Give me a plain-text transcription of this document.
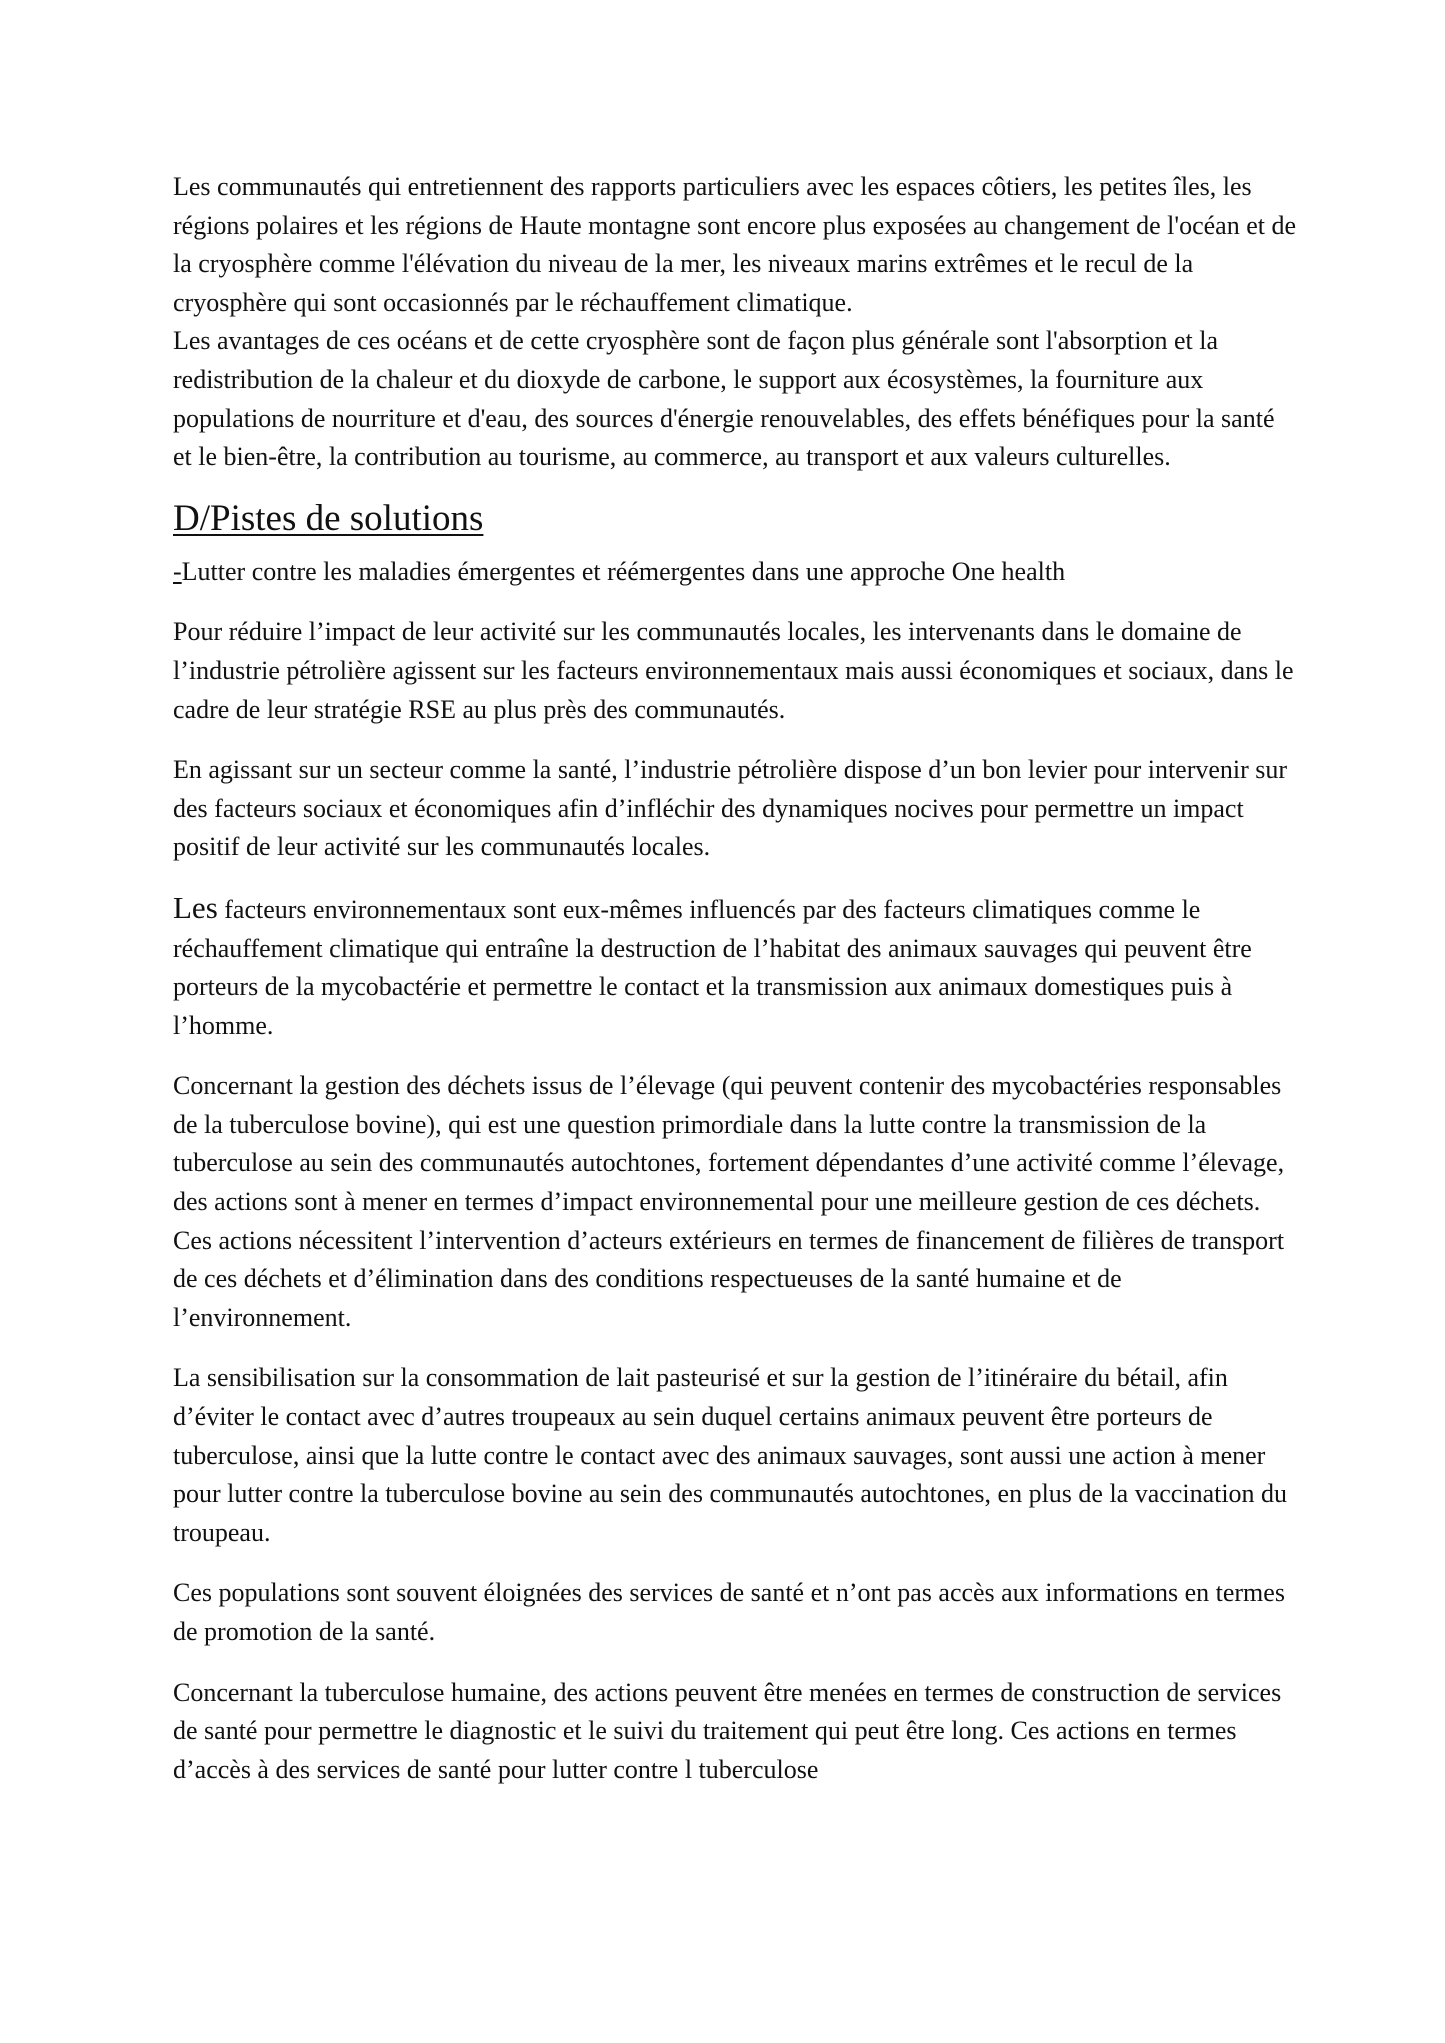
Les communautés qui entretiennent des rapports particuliers avec les espaces côtiers, les petites îles, les régions polaires et les régions de Haute montagne sont encore plus exposées au changement de l'océan et de la cryosphère comme l'élévation du niveau de la mer, les niveaux marins extrêmes et le recul de la cryosphère qui sont occasionnés par le réchauffement climatique.

Les avantages de ces océans et de cette cryosphère sont de façon plus générale sont l'absorption et la redistribution de la chaleur et du dioxyde de carbone, le support aux écosystèmes, la fourniture aux populations de nourriture et d'eau, des sources d'énergie renouvelables, des effets bénéfiques pour la santé et le bien-être, la contribution au tourisme, au commerce, au transport et aux valeurs culturelles.

D/Pistes de solutions

-Lutter contre les maladies émergentes et réémergentes dans une approche One health

Pour réduire l’impact de leur activité sur les communautés locales, les intervenants dans le domaine de l’industrie pétrolière agissent sur les facteurs environnementaux mais aussi économiques et sociaux, dans le cadre de leur stratégie RSE au plus près des communautés.

En agissant sur un secteur comme la santé, l’industrie pétrolière dispose d’un bon levier pour intervenir sur des facteurs sociaux et économiques afin d’infléchir des dynamiques nocives pour permettre un impact positif de leur activité sur les communautés locales.

Les facteurs environnementaux sont eux-mêmes influencés par des facteurs climatiques comme le réchauffement climatique qui entraîne la destruction de l’habitat des animaux sauvages qui peuvent être porteurs de la mycobactérie et permettre le contact et la transmission aux animaux domestiques puis à l’homme.

Concernant la gestion des déchets issus de l’élevage (qui peuvent contenir des mycobactéries responsables de la tuberculose bovine), qui est une question primordiale dans la lutte contre la transmission de la tuberculose au sein des communautés autochtones, fortement dépendantes d’une activité comme l’élevage, des actions sont à mener en termes d’impact environnemental pour une meilleure gestion de ces déchets. Ces actions nécessitent l’intervention d’acteurs extérieurs en termes de financement de filières de transport de ces déchets et d’élimination dans des conditions respectueuses de la santé humaine et de l’environnement.

La sensibilisation sur la consommation de lait pasteurisé et sur la gestion de l’itinéraire du bétail, afin d’éviter le contact avec d’autres troupeaux au sein duquel certains animaux peuvent être porteurs de tuberculose, ainsi que la lutte contre le contact avec des animaux sauvages, sont aussi une action à mener pour lutter contre la tuberculose bovine au sein des communautés autochtones, en plus de la vaccination du troupeau.

Ces populations sont souvent éloignées des services de santé et n’ont pas accès aux informations en termes de promotion de la santé.

Concernant la tuberculose humaine, des actions peuvent être menées en termes de construction de services de santé pour permettre le diagnostic et le suivi du traitement qui peut être long. Ces actions en termes d’accès à des services de santé pour lutter contre l tuberculose
